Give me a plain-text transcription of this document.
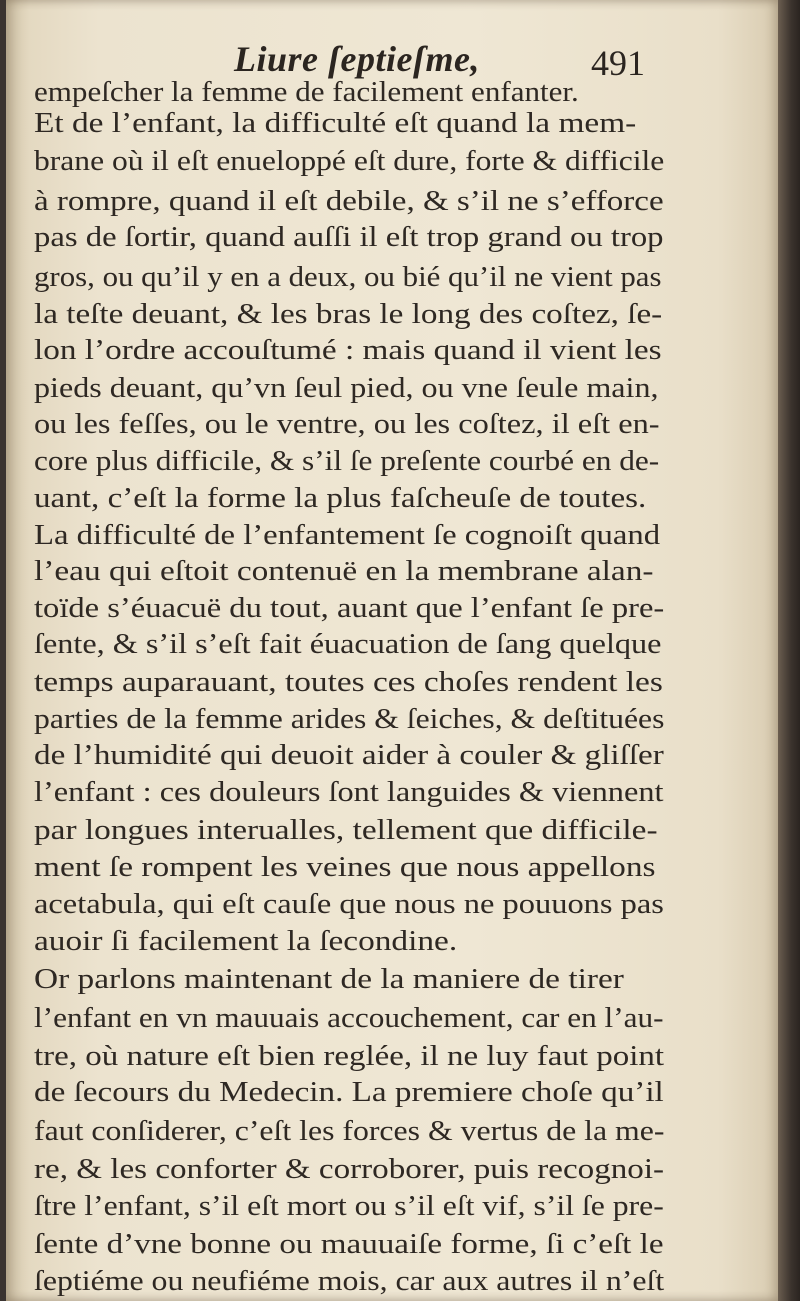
Liure ſeptieſme,	491
empeſcher la femme de facilement enfanter.
Et de l’enfant, la difficulté eſt quand la mem-
brane où il eſt enueloppé eſt dure, forte & difficile
à rompre, quand il eſt debile, & s’il ne s’efforce
pas de ſortir, quand auſſi il eſt trop grand ou trop
gros, ou qu’il y en a deux, ou bié qu’il ne vient pas
la teſte deuant, & les bras le long des coſtez, ſe-
lon l’ordre accouſtumé : mais quand il vient les
pieds deuant, qu’vn ſeul pied, ou vne ſeule main,
ou les feſſes, ou le ventre, ou les coſtez, il eſt en-
core plus difficile, & s’il ſe preſente courbé en de-
uant, c’eſt la forme la plus faſcheuſe de toutes.
La difficulté de l’enfantement ſe cognoiſt quand
l’eau qui eſtoit contenuë en la membrane alan-
toïde s’éuacuë du tout, auant que l’enfant ſe pre-
ſente, & s’il s’eſt fait éuacuation de ſang quelque
temps auparauant, toutes ces choſes rendent les
parties de la femme arides & ſeiches, & deſtituées
de l’humidité qui deuoit aider à couler & gliſſer
l’enfant : ces douleurs ſont languides & viennent
par longues interualles, tellement que difficile-
ment ſe rompent les veines que nous appellons
acetabula, qui eſt cauſe que nous ne pouuons pas
auoir ſi facilement la ſecondine.
Or parlons maintenant de la maniere de tirer
l’enfant en vn mauuais accouchement, car en l’au-
tre, où nature eſt bien reglée, il ne luy faut point
de ſecours du Medecin. La premiere choſe qu’il
faut conſiderer, c’eſt les forces & vertus de la me-
re, & les conforter & corroborer, puis recognoi-
ſtre l’enfant, s’il eſt mort ou s’il eſt vif, s’il ſe pre-
ſente d’vne bonne ou mauuaiſe forme, ſi c’eſt le
ſeptiéme ou neufiéme mois, car aux autres il n’eſt
